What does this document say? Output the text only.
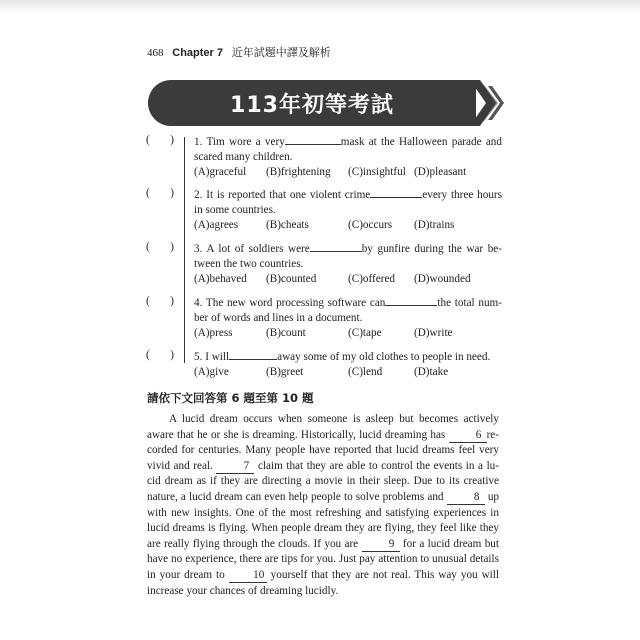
468 Chapter 7 近年試題中譯及解析
113年初等考試
( ) 1. Tim wore a very	mask at the Halloween parade and scared many children.
(A)graceful	(B)frightening	(C)insightful (D)pleasant
( ) 2. It is reported that one violent crime	every three hours in some countries.
(A)agrees	(B)cheats	(C)occurs	(D)trains
( ) 3. A lot of soldiers were	by gunfire during the war be-tween the two countries.
(A)behaved	(B)counted	(C)offered	(D)wounded
( ) 4. The new word processing software can	the total num-ber of words and lines in a document.
(A)press	(B)count	(C)tape	(D)write
( ) 5. I will	away some of my old clothes to people in need.
(A)give	(B)greet	(C)lend	(D)take
請依下文回答第 6 題至第 10 題

A lucid dream occurs when someone is asleep but becomes actively aware that he or she is dreaming. Historically, lucid dreaming has	6 re-corded for centuries. Many people have reported that lucid dreams feel very vivid and real.	7 claim that they are able to control the events in a lu-cid dream as if they are directing a movie in their sleep. Due to its creative nature, a lucid dream can even help people to solve problems and	8 up with new insights. One of the most refreshing and satisfying experiences in lucid dreams is flying. When people dream they are flying, they feel like they are really flying through the clouds. If you are	9 for a lucid dream but have no experience, there are tips for you. Just pay attention to unusual details in your dream to	10 yourself that they are not real. This way you will increase your chances of dreaming lucidly.
